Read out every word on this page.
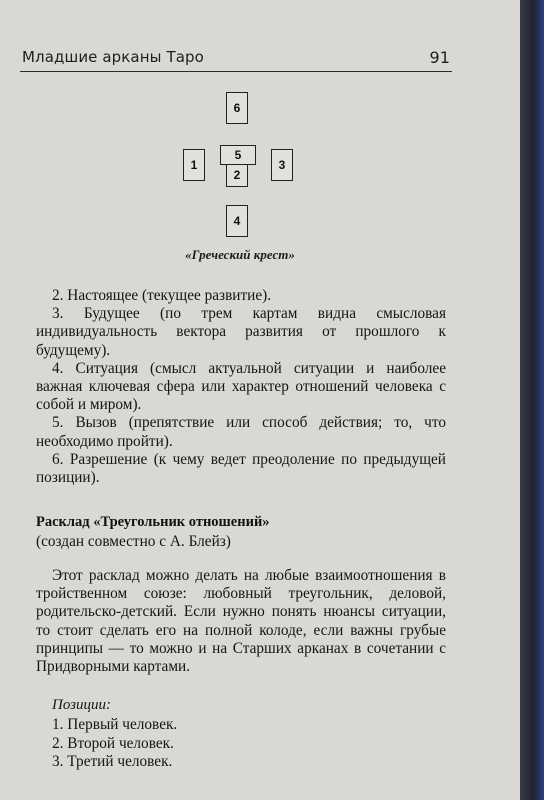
Младшие арканы Таро	91
6
1	3
2
5
4
«Греческий крест»

2. Настоящее (текущее развитие).

3. Будущее (по трем картам видна смысловая индивидуальность вектора развития от прошлого к будущему).

4. Ситуация (смысл актуальной ситуации и наиболее важная ключевая сфера или характер отношений человека с собой и миром).

5. Вызов (препятствие или способ действия; то, что необходимо пройти).

6. Разрешение (к чему ведет преодоление по предыдущей позиции).

Расклад «Треугольник отношений»
(создан совместно с А. Блейз)

Этот расклад можно делать на любые взаимоотношения в тройственном союзе: любовный треугольник, деловой, родительско-детский. Если нужно понять нюансы ситуации, то стоит сделать его на полной колоде, если важны грубые принципы — то можно и на Старших арканах в сочетании с Придворными картами.

Позиции:
1. Первый человек.
2. Второй человек.
3. Третий человек.
